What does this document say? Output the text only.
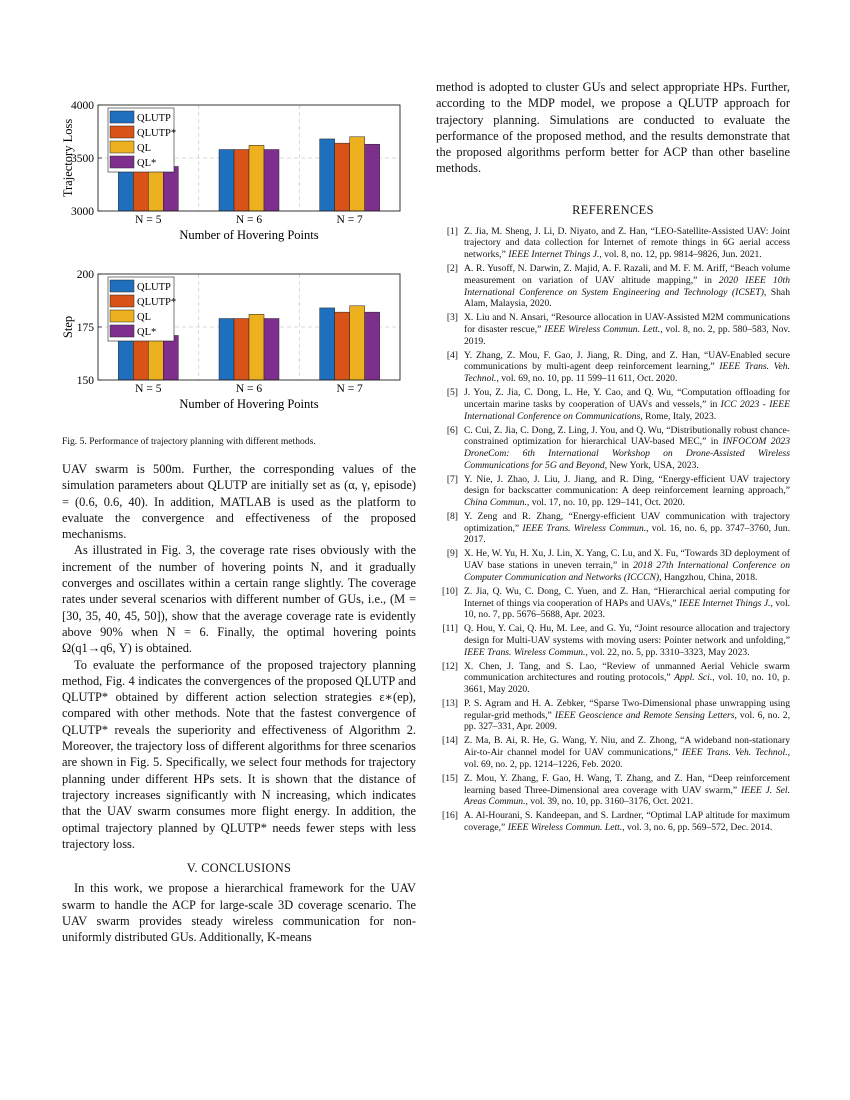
N = 5	N = 6	N = 7
3000
3500
4000
Number of Hovering Points
Trajectory Loss
QLUTP
QLUTP*
QL
QL*
N = 5	N = 6	N = 7
150
175
200
Number of Hovering Points
Step
QLUTP
QLUTP*
QL
QL*

Fig. 5. Performance of trajectory planning with different methods.

UAV swarm is 500m. Further, the corresponding values of the simulation parameters about QLUTP are initially set as (α, γ, episode) = (0.6, 0.6, 40). In addition, MATLAB is used as the platform to evaluate the convergence and effectiveness of the proposed mechanisms.

As illustrated in Fig. 3, the coverage rate rises obviously with the increment of the number of hovering points N, and it gradually converges and oscillates within a certain range slightly. The coverage rates under several scenarios with different number of GUs, i.e., (M = [30, 35, 40, 45, 50]), show that the average coverage rate is evidently above 90% when N = 6. Finally, the optimal hovering points Ω(q1→q6, Υ) is obtained.

To evaluate the performance of the proposed trajectory planning method, Fig. 4 indicates the convergences of the proposed QLUTP and QLUTP* obtained by different action selection strategies ε∗(ep), compared with other methods. Note that the fastest convergence of QLUTP* reveals the superiority and effectiveness of Algorithm 2. Moreover, the trajectory loss of different algorithms for three scenarios are shown in Fig. 5. Specifically, we select four methods for trajectory planning under different HPs sets. It is shown that the distance of trajectory increases significantly with N increasing, which indicates that the UAV swarm consumes more flight energy. In addition, the optimal trajectory planned by QLUTP* needs fewer steps with less trajectory loss.

V. CONCLUSIONS

In this work, we propose a hierarchical framework for the UAV swarm to handle the ACP for large-scale 3D coverage scenario. The UAV swarm provides steady wireless communication for non-uniformly distributed GUs. Additionally, K-means

method is adopted to cluster GUs and select appropriate HPs. Further, according to the MDP model, we propose a QLUTP approach for trajectory planning. Simulations are conducted to evaluate the performance of the proposed method, and the results demonstrate that the proposed algorithms perform better for ACP than other baseline methods.

REFERENCES
[1] Z. Jia, M. Sheng, J. Li, D. Niyato, and Z. Han, “LEO-Satellite-Assisted UAV: Joint trajectory and data collection for Internet of remote things in 6G aerial access networks,” IEEE Internet Things J., vol. 8, no. 12, pp. 9814–9826, Jun. 2021.
[2] A. R. Yusoff, N. Darwin, Z. Majid, A. F. Razali, and M. F. M. Ariff, “Beach volume measurement on variation of UAV altitude mapping,” in 2020 IEEE 10th International Conference on System Engineering and Technology (ICSET), Shah Alam, Malaysia, 2020.
[3] X. Liu and N. Ansari, “Resource allocation in UAV-Assisted M2M communications for disaster rescue,” IEEE Wireless Commun. Lett., vol. 8, no. 2, pp. 580–583, Nov. 2019.
[4] Y. Zhang, Z. Mou, F. Gao, J. Jiang, R. Ding, and Z. Han, “UAV-Enabled secure communications by multi-agent deep reinforcement learning,” IEEE Trans. Veh. Technol., vol. 69, no. 10, pp. 11 599–11 611, Oct. 2020.
[5] J. You, Z. Jia, C. Dong, L. He, Y. Cao, and Q. Wu, “Computation offloading for uncertain marine tasks by cooperation of UAVs and vessels,” in ICC 2023 - IEEE International Conference on Communications, Rome, Italy, 2023.
[6] C. Cui, Z. Jia, C. Dong, Z. Ling, J. You, and Q. Wu, “Distributionally robust chance-constrained optimization for hierarchical UAV-based MEC,” in INFOCOM 2023 DroneCom: 6th International Workshop on Drone-Assisted Wireless Communications for 5G and Beyond, New York, USA, 2023.
[7] Y. Nie, J. Zhao, J. Liu, J. Jiang, and R. Ding, “Energy-efficient UAV trajectory design for backscatter communication: A deep reinforcement learning approach,” China Commun., vol. 17, no. 10, pp. 129–141, Oct. 2020.
[8] Y. Zeng and R. Zhang, “Energy-efficient UAV communication with trajectory optimization,” IEEE Trans. Wireless Commun., vol. 16, no. 6, pp. 3747–3760, Jun. 2017.
[9] X. He, W. Yu, H. Xu, J. Lin, X. Yang, C. Lu, and X. Fu, “Towards 3D deployment of UAV base stations in uneven terrain,” in 2018 27th International Conference on Computer Communication and Networks (ICCCN), Hangzhou, China, 2018.
[10] Z. Jia, Q. Wu, C. Dong, C. Yuen, and Z. Han, “Hierarchical aerial computing for Internet of things via cooperation of HAPs and UAVs,” IEEE Internet Things J., vol. 10, no. 7, pp. 5676–5688, Apr. 2023.
[11] Q. Hou, Y. Cai, Q. Hu, M. Lee, and G. Yu, “Joint resource allocation and trajectory design for Multi-UAV systems with moving users: Pointer network and unfolding,” IEEE Trans. Wireless Commun., vol. 22, no. 5, pp. 3310–3323, May 2023.
[12] X. Chen, J. Tang, and S. Lao, “Review of unmanned Aerial Vehicle swarm communication architectures and routing protocols,” Appl. Sci., vol. 10, no. 10, p. 3661, May 2020.
[13] P. S. Agram and H. A. Zebker, “Sparse Two-Dimensional phase unwrapping using regular-grid methods,” IEEE Geoscience and Remote Sensing Letters, vol. 6, no. 2, pp. 327–331, Apr. 2009.
[14] Z. Ma, B. Ai, R. He, G. Wang, Y. Niu, and Z. Zhong, “A wideband non-stationary Air-to-Air channel model for UAV communications,” IEEE Trans. Veh. Technol., vol. 69, no. 2, pp. 1214–1226, Feb. 2020.
[15] Z. Mou, Y. Zhang, F. Gao, H. Wang, T. Zhang, and Z. Han, “Deep reinforcement learning based Three-Dimensional area coverage with UAV swarm,” IEEE J. Sel. Areas Commun., vol. 39, no. 10, pp. 3160–3176, Oct. 2021.
[16] A. Al-Hourani, S. Kandeepan, and S. Lardner, “Optimal LAP altitude for maximum coverage,” IEEE Wireless Commun. Lett., vol. 3, no. 6, pp. 569–572, Dec. 2014.
